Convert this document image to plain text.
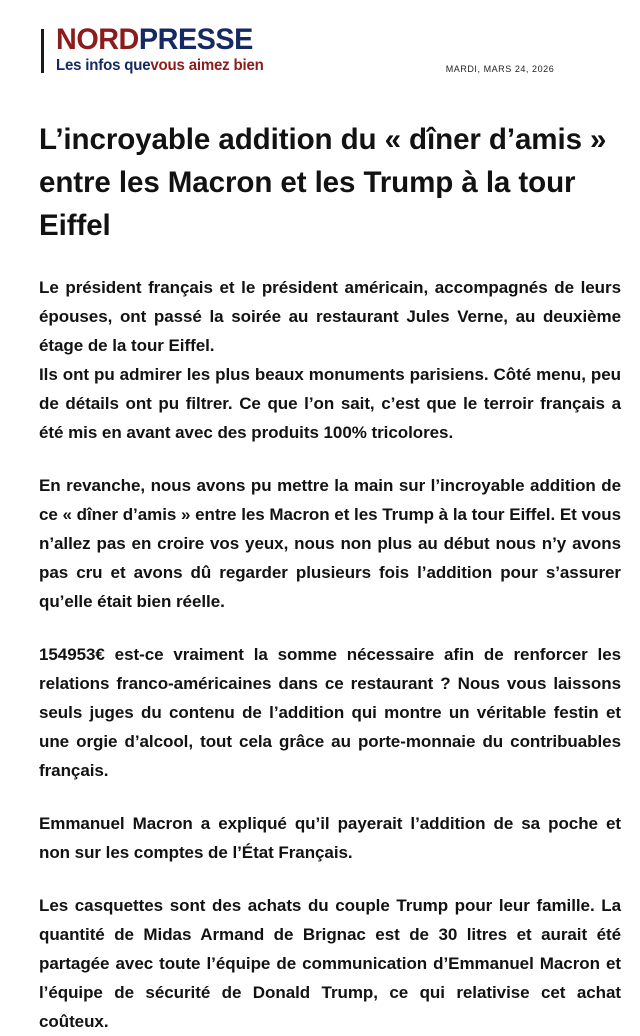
NORDPRESSE
Les infos quevous aimez bien	MARDI, MARS 24, 2026
L’incroyable addition du « dîner d’amis » entre les Macron et les Trump à la tour Eiffel

Le président français et le président américain, accompagnés de leurs épouses, ont passé la soirée au restaurant Jules Verne, au deuxième étage de la tour Eiffel.
Ils ont pu admirer les plus beaux monuments parisiens. Côté menu, peu de détails ont pu filtrer. Ce que l’on sait, c’est que le terroir français a été mis en avant avec des produits 100% tricolores.

En revanche, nous avons pu mettre la main sur l’incroyable addition de ce « dîner d’amis » entre les Macron et les Trump à la tour Eiffel. Et vous n’allez pas en croire vos yeux, nous non plus au début nous n’y avons pas cru et avons dû regarder plusieurs fois l’addition pour s’assurer qu’elle était bien réelle.

154953€ est-ce vraiment la somme nécessaire afin de renforcer les relations franco-américaines dans ce restaurant ? Nous vous laissons seuls juges du contenu de l’addition qui montre un véritable festin et une orgie d’alcool, tout cela grâce au porte-monnaie du contribuables français.

Emmanuel Macron a expliqué qu’il payerait l’addition de sa poche et non sur les comptes de l’État Français.

Les casquettes sont des achats du couple Trump pour leur famille. La quantité de Midas Armand de Brignac est de 30 litres et aurait été partagée avec toute l’équipe de communication d’Emmanuel Macron et l’équipe de sécurité de Donald Trump, ce qui relativise cet achat coûteux.
